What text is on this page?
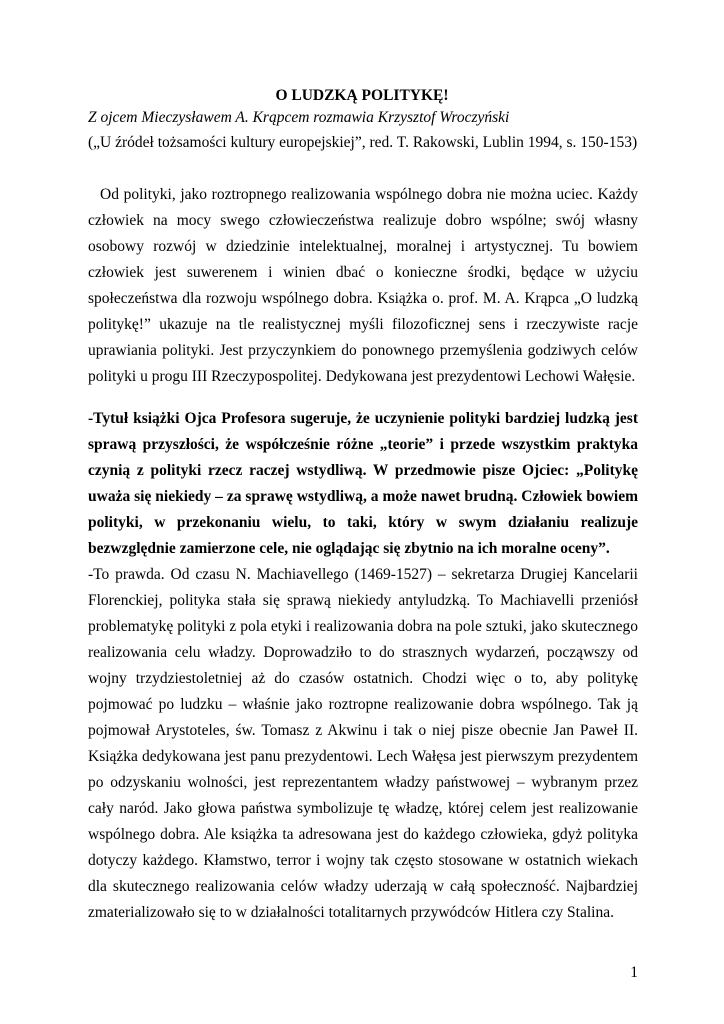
O LUDZKĄ POLITYKĘ!
Z ojcem Mieczysławem A. Krąpcem rozmawia Krzysztof Wroczyński
(„U źródeł tożsamości kultury europejskiej”, red. T. Rakowski, Lublin 1994, s. 150-153)

Od polityki, jako roztropnego realizowania wspólnego dobra nie można uciec. Każdy człowiek na mocy swego człowieczeństwa realizuje dobro wspólne; swój własny osobowy rozwój w dziedzinie intelektualnej, moralnej i artystycznej. Tu bowiem człowiek jest suwerenem i winien dbać o konieczne środki, będące w użyciu społeczeństwa dla rozwoju wspólnego dobra. Książka o. prof. M. A. Krąpca „O ludzką politykę!” ukazuje na tle realistycznej myśli filozoficznej sens i rzeczywiste racje uprawiania polityki. Jest przyczynkiem do ponownego przemyślenia godziwych celów polityki u progu III Rzeczypospolitej. Dedykowana jest prezydentowi Lechowi Wałęsie.

-Tytuł książki Ojca Profesora sugeruje, że uczynienie polityki bardziej ludzką jest sprawą przyszłości, że współcześnie różne „teorie” i przede wszystkim praktyka czynią z polityki rzecz raczej wstydliwą. W przedmowie pisze Ojciec: „Politykę uważa się niekiedy – za sprawę wstydliwą, a może nawet brudną. Człowiek bowiem polityki, w przekonaniu wielu, to taki, który w swym działaniu realizuje bezwzględnie zamierzone cele, nie oglądając się zbytnio na ich moralne oceny”.

-To prawda. Od czasu N. Machiavellego (1469-1527) – sekretarza Drugiej Kancelarii Florenckiej, polityka stała się sprawą niekiedy antyludzką. To Machiavelli przeniósł problematykę polityki z pola etyki i realizowania dobra na pole sztuki, jako skutecznego realizowania celu władzy. Doprowadziło to do strasznych wydarzeń, począwszy od wojny trzydziestoletniej aż do czasów ostatnich. Chodzi więc o to, aby politykę pojmować po ludzku – właśnie jako roztropne realizowanie dobra wspólnego. Tak ją pojmował Arystoteles, św. Tomasz z Akwinu i tak o niej pisze obecnie Jan Paweł II. Książka dedykowana jest panu prezydentowi. Lech Wałęsa jest pierwszym prezydentem po odzyskaniu wolności, jest reprezentantem władzy państwowej – wybranym przez cały naród. Jako głowa państwa symbolizuje tę władzę, której celem jest realizowanie wspólnego dobra. Ale książka ta adresowana jest do każdego człowieka, gdyż polityka dotyczy każdego. Kłamstwo, terror i wojny tak często stosowane w ostatnich wiekach dla skutecznego realizowania celów władzy uderzają w całą społeczność. Najbardziej zmaterializowało się to w działalności totalitarnych przywódców Hitlera czy Stalina.

1
